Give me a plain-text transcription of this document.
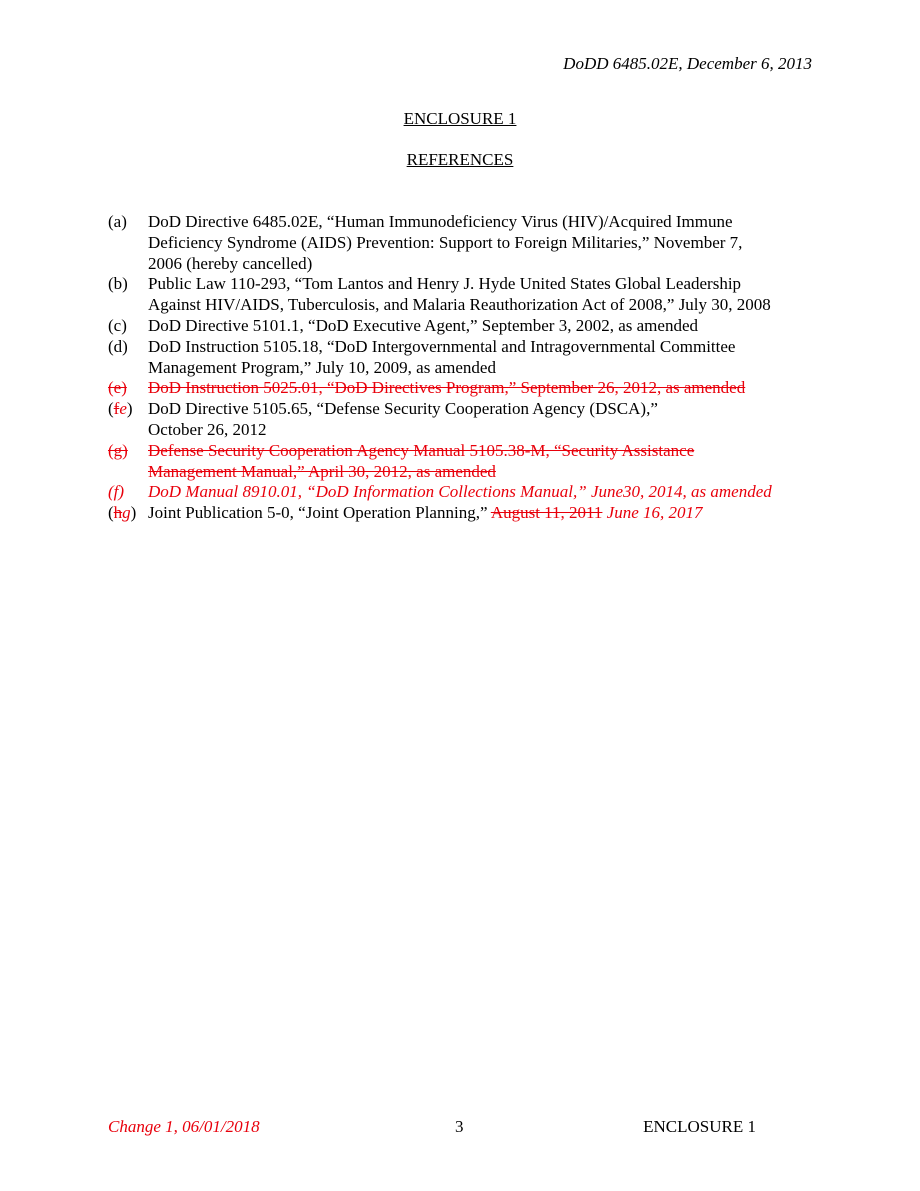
DoDD 6485.02E, December 6, 2013
ENCLOSURE 1
REFERENCES
(a)	DoD Directive 6485.02E, “Human Immunodeficiency Virus (HIV)/Acquired Immune
Deficiency Syndrome (AIDS) Prevention: Support to Foreign Militaries,” November 7,
2006 (hereby cancelled)
(b)	Public Law 110-293, “Tom Lantos and Henry J. Hyde United States Global Leadership
Against HIV/AIDS, Tuberculosis, and Malaria Reauthorization Act of 2008,” July 30, 2008
(c)	DoD Directive 5101.1, “DoD Executive Agent,” September 3, 2002, as amended
(d)	DoD Instruction 5105.18, “DoD Intergovernmental and Intragovernmental Committee
Management Program,” July 10, 2009, as amended
(e)	DoD Instruction 5025.01, “DoD Directives Program,” September 26, 2012, as amended
(fe) DoD Directive 5105.65, “Defense Security Cooperation Agency (DSCA),”
October 26, 2012
(g)	Defense Security Cooperation Agency Manual 5105.38-M, “Security Assistance
Management Manual,” April 30, 2012, as amended
(f)	DoD Manual 8910.01, “DoD Information Collections Manual,” June30, 2014, as amended
(hg) Joint Publication 5-0, “Joint Operation Planning,” August 11, 2011 June 16, 2017
Change 1, 06/01/2018	3	ENCLOSURE 1
